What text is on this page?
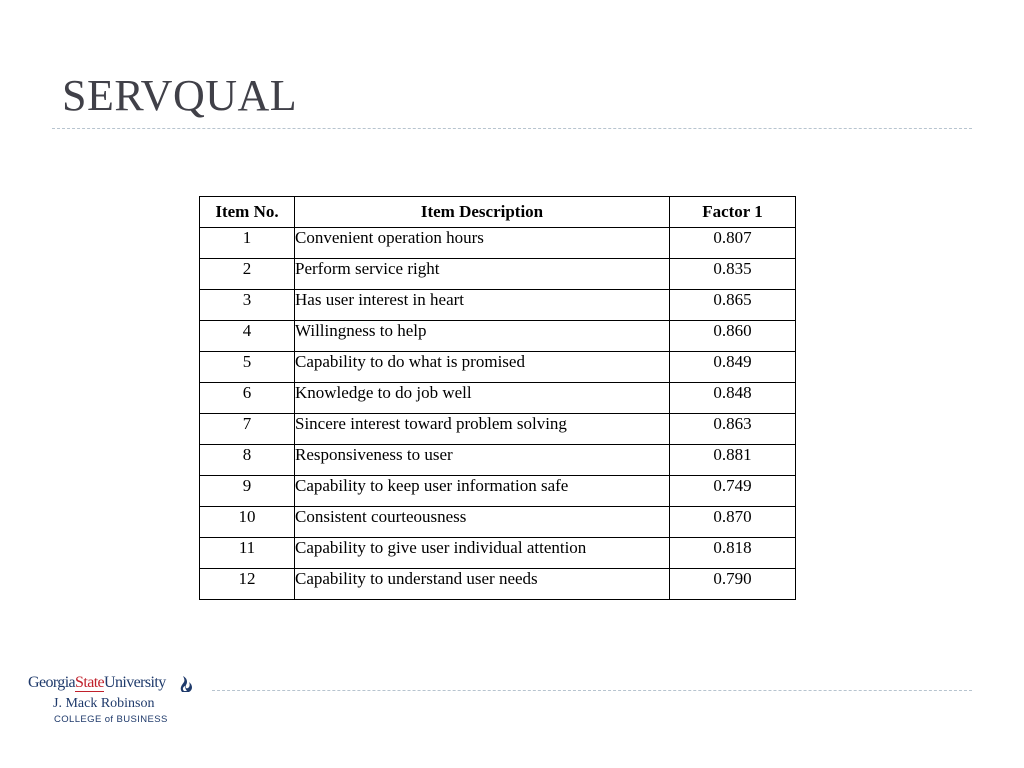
SERVQUAL
Item No.	Item Description	Factor 1
1	Convenient operation hours	0.807
2	Perform service right	0.835
3	Has user interest in heart	0.865
4	Willingness to help	0.860
5	Capability to do what is promised	0.849
6	Knowledge to do job well	0.848
7	Sincere interest toward problem solving	0.863
8	Responsiveness to user	0.881
9	Capability to keep user information safe	0.749
10	Consistent courteousness	0.870
11	Capability to give user individual attention	0.818
12	Capability to understand user needs	0.790
GeorgiaStateUniversity
J. Mack Robinson
COLLEGE of BUSINESS
